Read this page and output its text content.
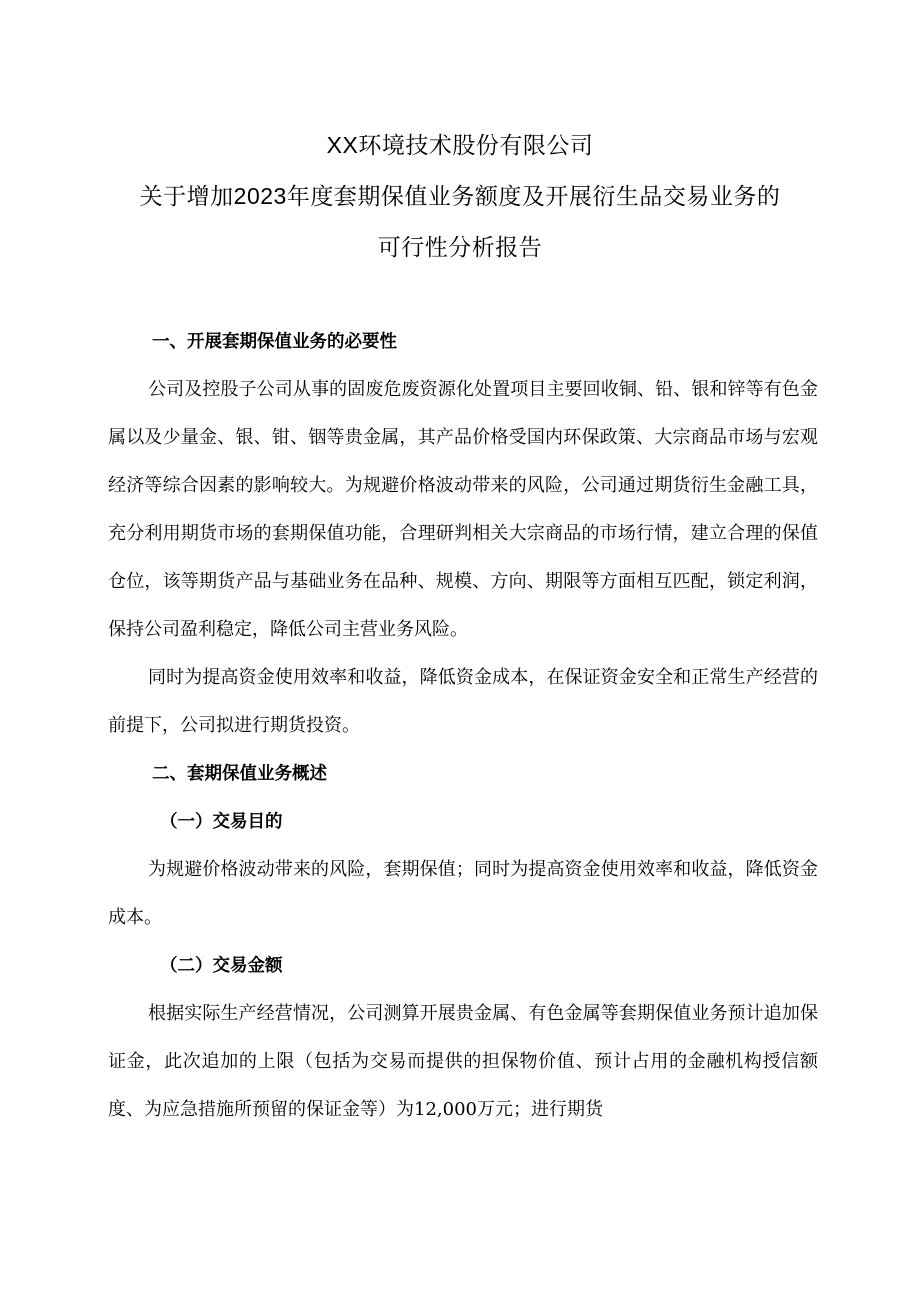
XX环境技术股份有限公司
关于增加2023年度套期保值业务额度及开展衍生品交易业务的
可行性分析报告
一、开展套期保值业务的必要性

公司及控股子公司从事的固废危废资源化处置项目主要回收铜、铅、银和锌等有色金属以及少量金、银、钳、铟等贵金属，其产品价格受国内环保政策、大宗商品市场与宏观经济等综合因素的影响较大。为规避价格波动带来的风险，公司通过期货衍生金融工具，充分利用期货市场的套期保值功能，合理研判相关大宗商品的市场行情，建立合理的保值仓位，该等期货产品与基础业务在品种、规模、方向、期限等方面相互匹配，锁定利润，保持公司盈利稳定，降低公司主营业务风险。

同时为提高资金使用效率和收益，降低资金成本，在保证资金安全和正常生产经营的前提下，公司拟进行期货投资。

二、套期保值业务概述
（一）交易目的

为规避价格波动带来的风险，套期保值；同时为提高资金使用效率和收益，降低资金成本。

（二）交易金额

根据实际生产经营情况，公司测算开展贵金属、有色金属等套期保值业务预计追加保证金，此次追加的上限（包括为交易而提供的担保物价值、预计占用的金融机构授信额度、为应急措施所预留的保证金等）为12,000万元；进行期货
